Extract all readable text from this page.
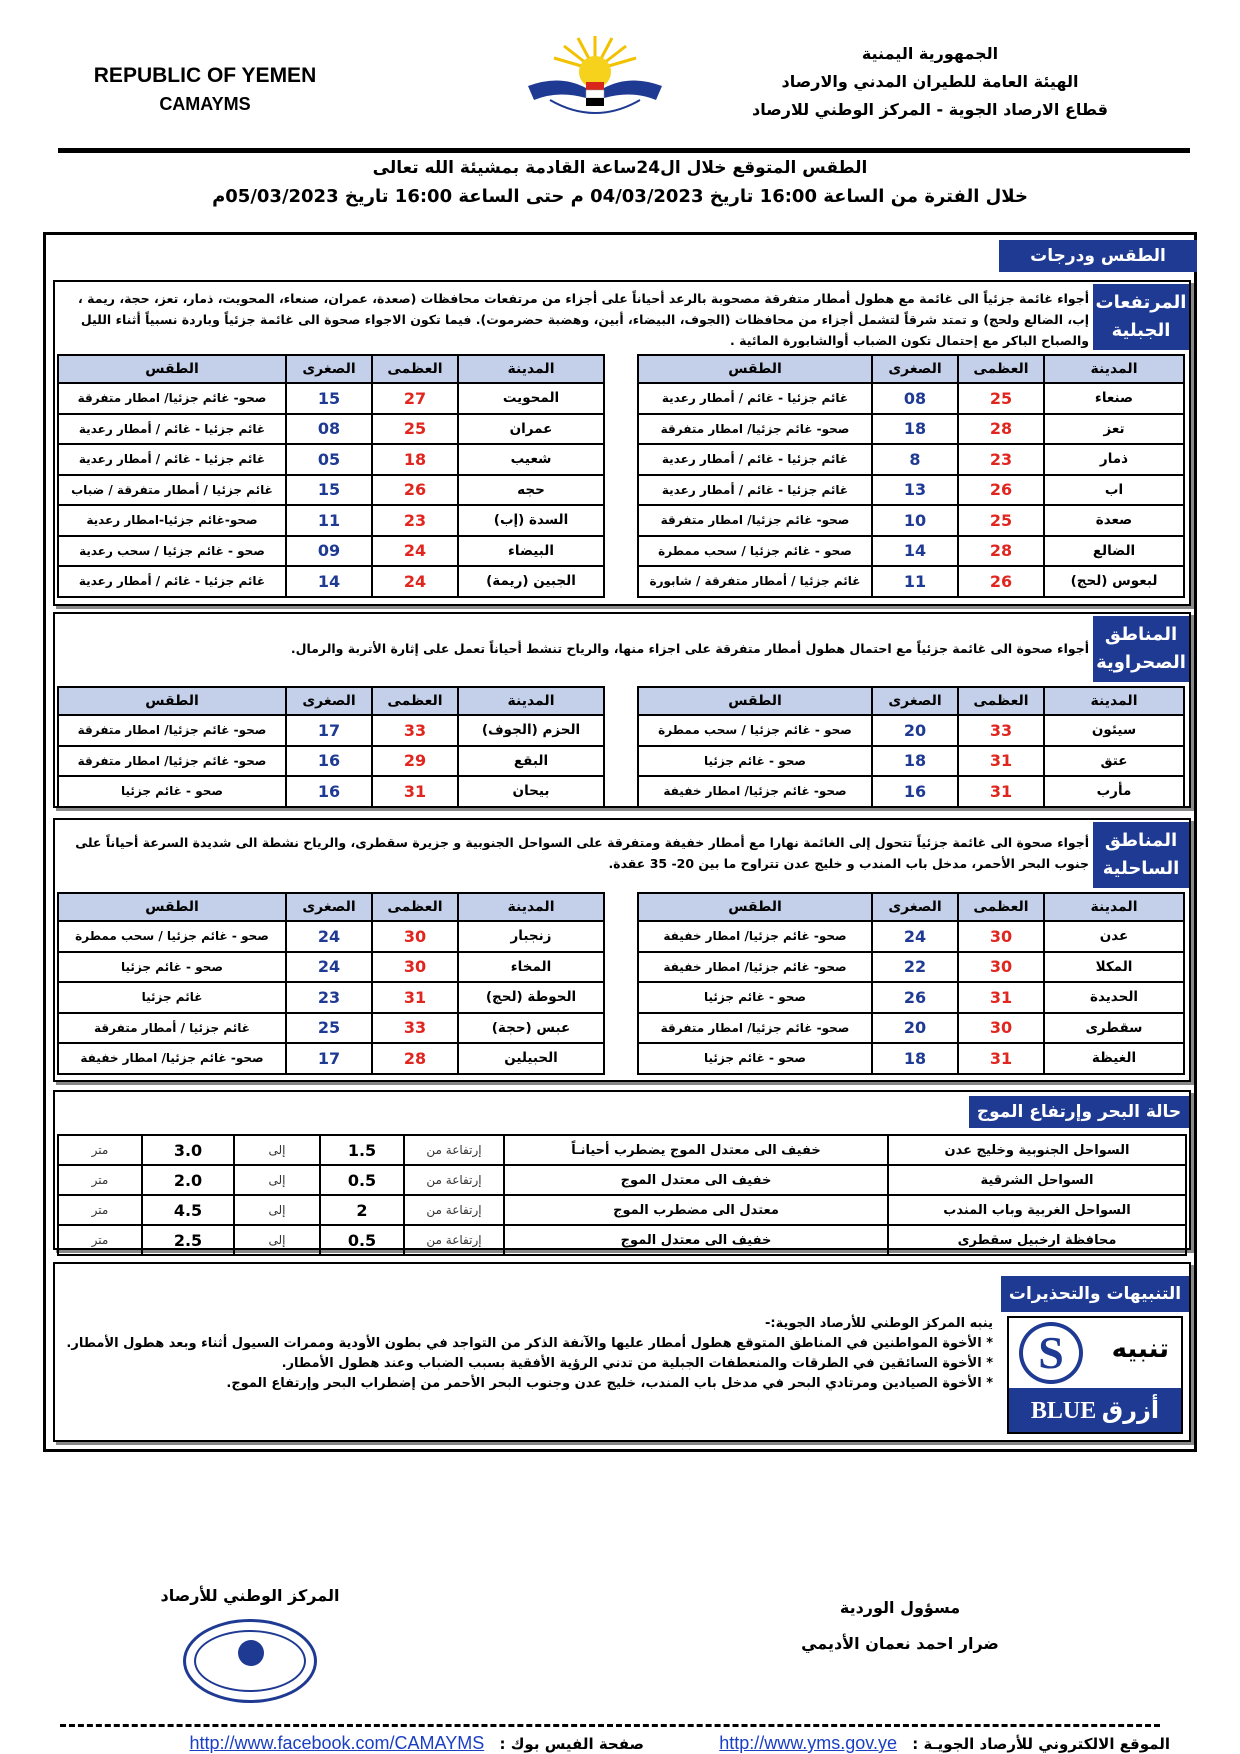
REPUBLIC OF YEMEN
CAMAYMS
الجمهورية اليمنية
الهيئة العامة للطيران المدني والارصاد
قطاع الارصاد الجوية - المركز الوطني للارصاد
الطقس المتوقع خلال ال24ساعة القادمة بمشيئة الله تعالى
خلال الفترة من الساعة 16:00 تاريخ 04/03/2023 م حتى الساعة 16:00 تاريخ 05/03/2023م
الطقس ودرجات
المرتفعات الجبلية
أجواء غائمة جزئياً الى غائمة مع هطول أمطار متفرقة مصحوبة بالرعد أحياناً على أجزاء من مرتفعات محافظات (صعدة، عمران، صنعاء، المحويت، ذمار، تعز، حجة، ريمة ، إب، الضالع ولحج) و تمتد شرقاً لتشمل أجزاء من محافظات (الجوف، البيضاء، أبين، وهضبة حضرموت). فيما تكون الاجواء صحوة الى غائمة جزئياً وباردة نسبياً أثناء الليل والصباح الباكر مع إحتمال تكون الضباب أوالشابورة المائية .
المدينة	العظمى	الصغرى	الطقس
صنعاء	25	08	غائم جزئيا - غائم / أمطار رعدية
تعز	28	18	صحو- غائم جزئيا/ امطار متفرقة
ذمار	23	8	غائم جزئيا - غائم / أمطار رعدية
اب	26	13	غائم جزئيا - غائم / أمطار رعدية
صعدة	25	10	صحو- غائم جزئيا/ امطار متفرقة
الضالع	28	14	صحو - غائم جزئيا / سحب ممطرة
لبعوس (لحج)	26	11	غائم جزئيا / أمطار متفرقة / شابورة
المدينة	العظمى	الصغرى	الطقس
المحويت	27	15	صحو- غائم جزئيا/ امطار متفرقة
عمران	25	08	غائم جزئيا - غائم / أمطار رعدية
شعيب	18	05	غائم جزئيا - غائم / أمطار رعدية
حجه	26	15	غائم جزئيا / أمطار متفرقة / ضباب
السدة (إب)	23	11	صحو-غائم جزئيا-امطار رعدية
البيضاء	24	09	صحو - غائم جزئيا / سحب رعدية
الجبين (ريمة)	24	14	غائم جزئيا - غائم / أمطار رعدية
المناطق الصحراوية
أجواء صحوة الى غائمة جزئياً مع احتمال هطول أمطار متفرقة على اجزاء منها، والرياح تنشط أحياناً تعمل على إثارة الأتربة والرمال.
المدينة	العظمى	الصغرى	الطقس
سيئون	33	20	صحو - غائم جزئيا / سحب ممطرة
عتق	31	18	صحو - غائم جزئيا
مأرب	31	16	صحو- غائم جزئيا/ امطار خفيفة
المدينة	العظمى	الصغرى	الطقس
الحزم (الجوف)	33	17	صحو- غائم جزئيا/ امطار متفرقة
البقع	29	16	صحو- غائم جزئيا/ امطار متفرقة
بيحان	31	16	صحو - غائم جزئيا
المناطق الساحلية
أجواء صحوة الى غائمة جزئياً تتحول إلى الغائمة نهارا مع أمطار خفيفة ومتفرقة على السواحل الجنوبية و جزيرة سقطرى، والرياح نشطة الى شديدة السرعة أحياناً على جنوب البحر الأحمر، مدخل باب المندب و خليج عدن تتراوح ما بين 20- 35 عقدة.
المدينة	العظمى	الصغرى	الطقس
عدن	30	24	صحو- غائم جزئيا/ امطار خفيفة
المكلا	30	22	صحو- غائم جزئيا/ امطار خفيفة
الحديدة	31	26	صحو - غائم جزئيا
سقطرى	30	20	صحو- غائم جزئيا/ امطار متفرقة
الغيظة	31	18	صحو - غائم جزئيا
المدينة	العظمى	الصغرى	الطقس
زنجبار	30	24	صحو - غائم جزئيا / سحب ممطرة
المخاء	30	24	صحو - غائم جزئيا
الحوطة (لحج)	31	23	غائم جزئيا
عبس (حجة)	33	25	غائم جزئيا / أمطار متفرقة
الحبيلين	28	17	صحو- غائم جزئيا/ امطار خفيفة
حالة البحر وإرتفاع الموج
السواحل الجنوبية وخليج عدن	خفيف الى معتدل الموج يضطرب أحيانـاً	إرتفاعة من	1.5	إلى	3.0	متر
السواحل الشرقية	خفيف الى معتدل الموج	إرتفاعة من	0.5	إلى	2.0	متر
السواحل الغربية وباب المندب	معتدل الى مضطرب الموج	إرتفاعة من	2	إلى	4.5	متر
محافظة ارخبيل سقطرى	خفيف الى معتدل الموج	إرتفاعة من	0.5	إلى	2.5	متر
التنبيهات والتحذيرات
ينبه المركز الوطني للأرصاد الجوية:-
* الأخوة المواطنين في المناطق المتوقع هطول أمطار عليها والآنفة الذكر من التواجد في بطون الأودية وممرات السيول أثناء وبعد هطول الأمطار.
* الأخوة السائقين في الطرقات والمنعطفات الجبلية من تدني الرؤية الأفقية بسبب الضباب وعند هطول الأمطار.
* الأخوة الصيادين ومرتادي البحر في مدخل باب المندب، خليج عدن وجنوب البحر الأحمر من إضطراب البحر وإرتفاع الموج.
S	تنبيه
BLUE أزرق
المركز الوطني للأرصاد
مسؤول الوردية
ضرار احمد نعمان الأديمي
الموقع الالكتروني للأرصاد الجويـة : http://www.yms.gov.ye صفحة الفيس بوك : http://www.facebook.com/CAMAYMS
